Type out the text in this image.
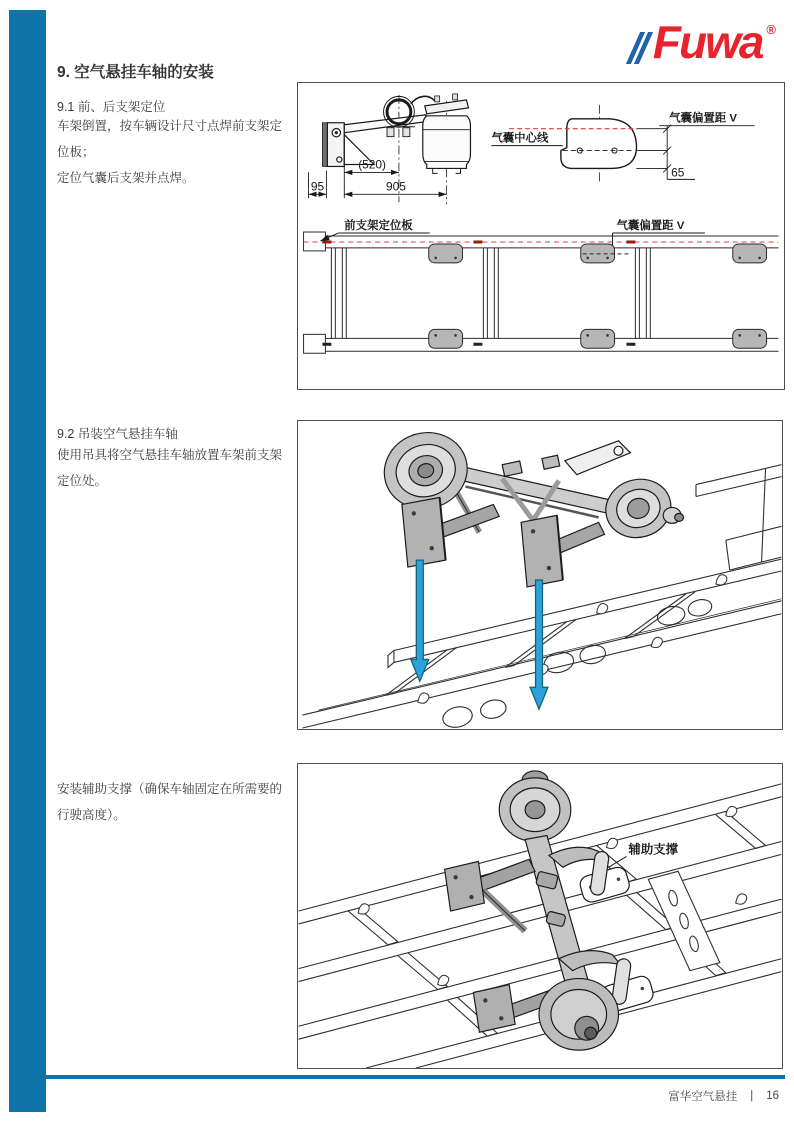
Fuwa ®
9. 空气悬挂车轴的安装
9.1 前、后支架定位
车架倒置，按车辆设计尺寸点焊前支架定位板；
定位气囊后支架并点焊。
(520)
905
95
气囊中心线
气囊偏置距 V
65
前支架定位板	气囊偏置距 V
9.2 吊装空气悬挂车轴
使用吊具将空气悬挂车轴放置车架前支架定位处。
安装辅助支撑（确保车轴固定在所需要的行驶高度）。
辅助支撑
富华空气悬挂 | 16
